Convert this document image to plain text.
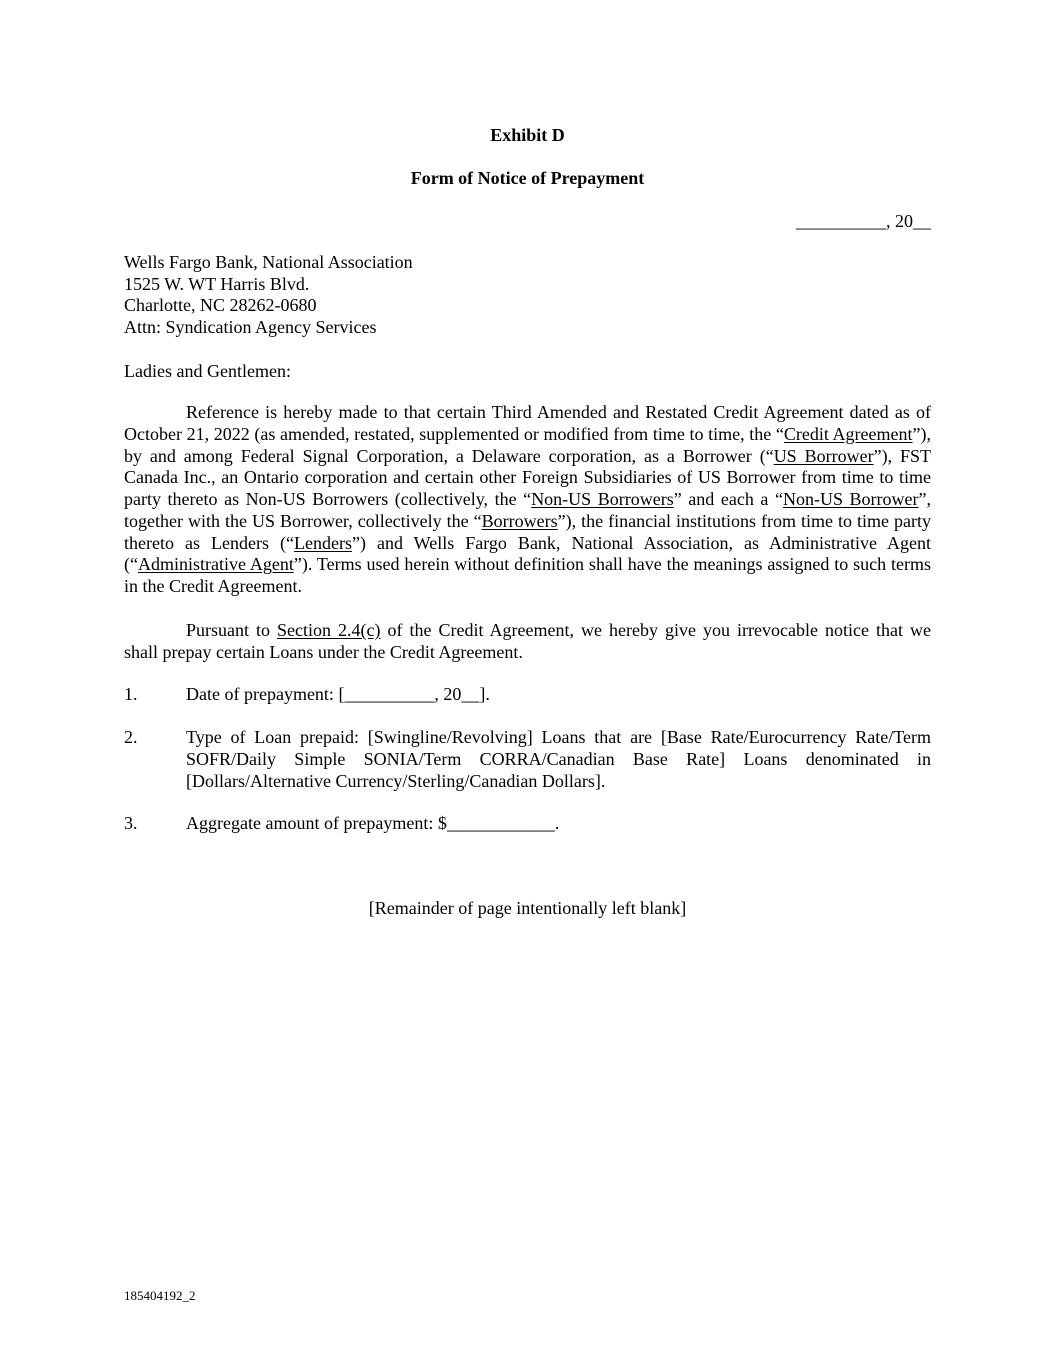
Exhibit D
Form of Notice of Prepayment
__________, 20__
Wells Fargo Bank, National Association
1525 W. WT Harris Blvd.
Charlotte, NC 28262-0680
Attn: Syndication Agency Services
Ladies and Gentlemen:

Reference is hereby made to that certain Third Amended and Restated Credit Agreement dated as of October 21, 2022 (as amended, restated, supplemented or modified from time to time, the “Credit Agreement”), by and among Federal Signal Corporation, a Delaware corporation, as a Borrower (“US Borrower”), FST Canada Inc., an Ontario corporation and certain other Foreign Subsidiaries of US Borrower from time to time party thereto as Non-US Borrowers (collectively, the “Non-US Borrowers” and each a “Non-US Borrower”, together with the US Borrower, collectively the “Borrowers”), the financial institutions from time to time party thereto as Lenders (“Lenders”) and Wells Fargo Bank, National Association, as Administrative Agent (“Administrative Agent”). Terms used herein without definition shall have the meanings assigned to such terms in the Credit Agreement.

Pursuant to Section 2.4(c) of the Credit Agreement, we hereby give you irrevocable notice that we shall prepay certain Loans under the Credit Agreement.

1.	Date of prepayment: [__________, 20__].
2.	Type of Loan prepaid: [Swingline/Revolving] Loans that are [Base Rate/Eurocurrency Rate/Term SOFR/Daily Simple SONIA/Term CORRA/Canadian Base Rate] Loans denominated in [Dollars/Alternative Currency/Sterling/Canadian Dollars].
3.	Aggregate amount of prepayment: $____________.
[Remainder of page intentionally left blank]
185404192_2
